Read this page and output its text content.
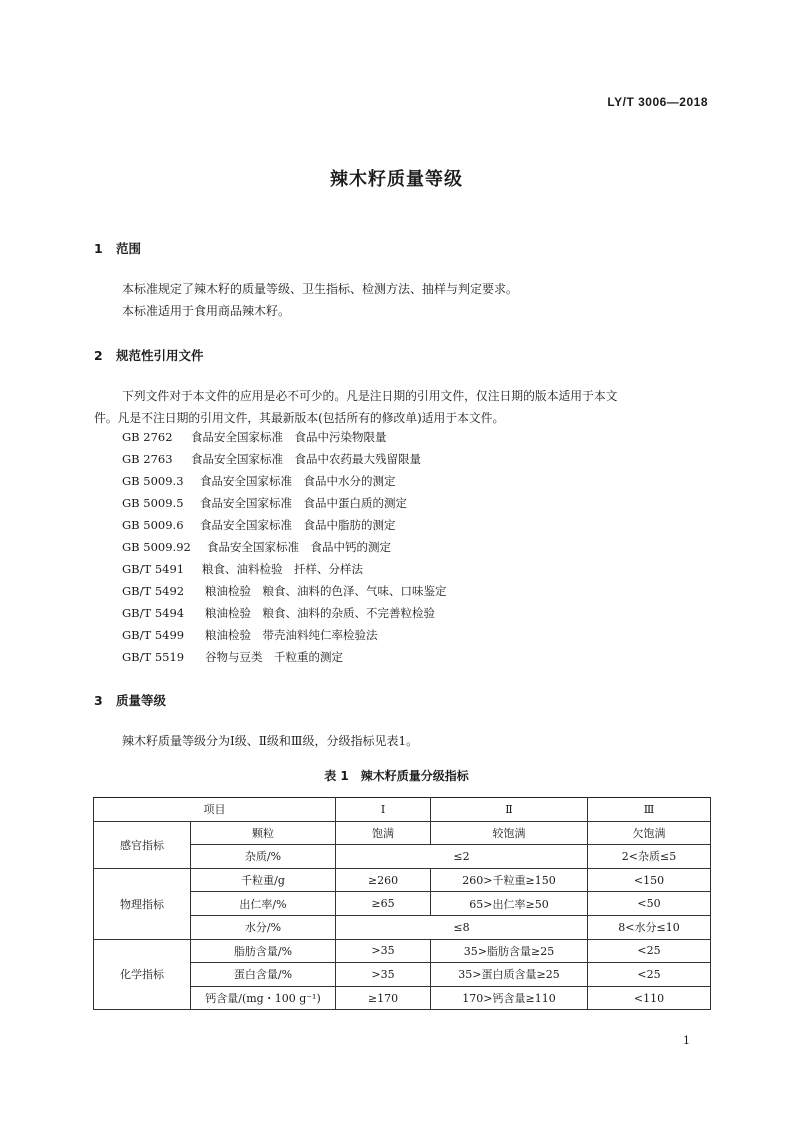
LY/T 3006—2018
辣木籽质量等级
1 范围
本标准规定了辣木籽的质量等级、卫生指标、检测方法、抽样与判定要求。
本标准适用于食用商品辣木籽。
2 规范性引用文件
下列文件对于本文件的应用是必不可少的。凡是注日期的引用文件，仅注日期的版本适用于本文
件。凡是不注日期的引用文件，其最新版本(包括所有的修改单)适用于本文件。
GB 2762 食品安全国家标准　食品中污染物限量
GB 2763 食品安全国家标准　食品中农药最大残留限量
GB 5009.3 食品安全国家标准　食品中水分的测定
GB 5009.5 食品安全国家标准　食品中蛋白质的测定
GB 5009.6 食品安全国家标准　食品中脂肪的测定
GB 5009.92 食品安全国家标准　食品中钙的测定
GB/T 5491 粮食、油料检验　扦样、分样法
GB/T 5492 粮油检验　粮食、油料的色泽、气味、口味鉴定
GB/T 5494 粮油检验　粮食、油料的杂质、不完善粒检验
GB/T 5499 粮油检验　带壳油料纯仁率检验法
GB/T 5519 谷物与豆类　千粒重的测定
3 质量等级
辣木籽质量等级分为Ⅰ级、Ⅱ级和Ⅲ级，分级指标见表1。
表 1　辣木籽质量分级指标
项目		Ⅰ	Ⅱ	Ⅲ
感官指标	颗粒	饱满	较饱满	欠饱满
	杂质/%	≤2		2<杂质≤5
物理指标	千粒重/g	≥260	260>千粒重≥150	<150
	出仁率/%	≥65	65>出仁率≥50	<50
	水分/%	≤8		8<水分≤10
化学指标	脂肪含量/%	>35	35>脂肪含量≥25	<25
	蛋白含量/%	>35	35>蛋白质含量≥25	<25
	钙含量/(mg・100 g⁻¹)	≥170	170>钙含量≥110	<110
1
